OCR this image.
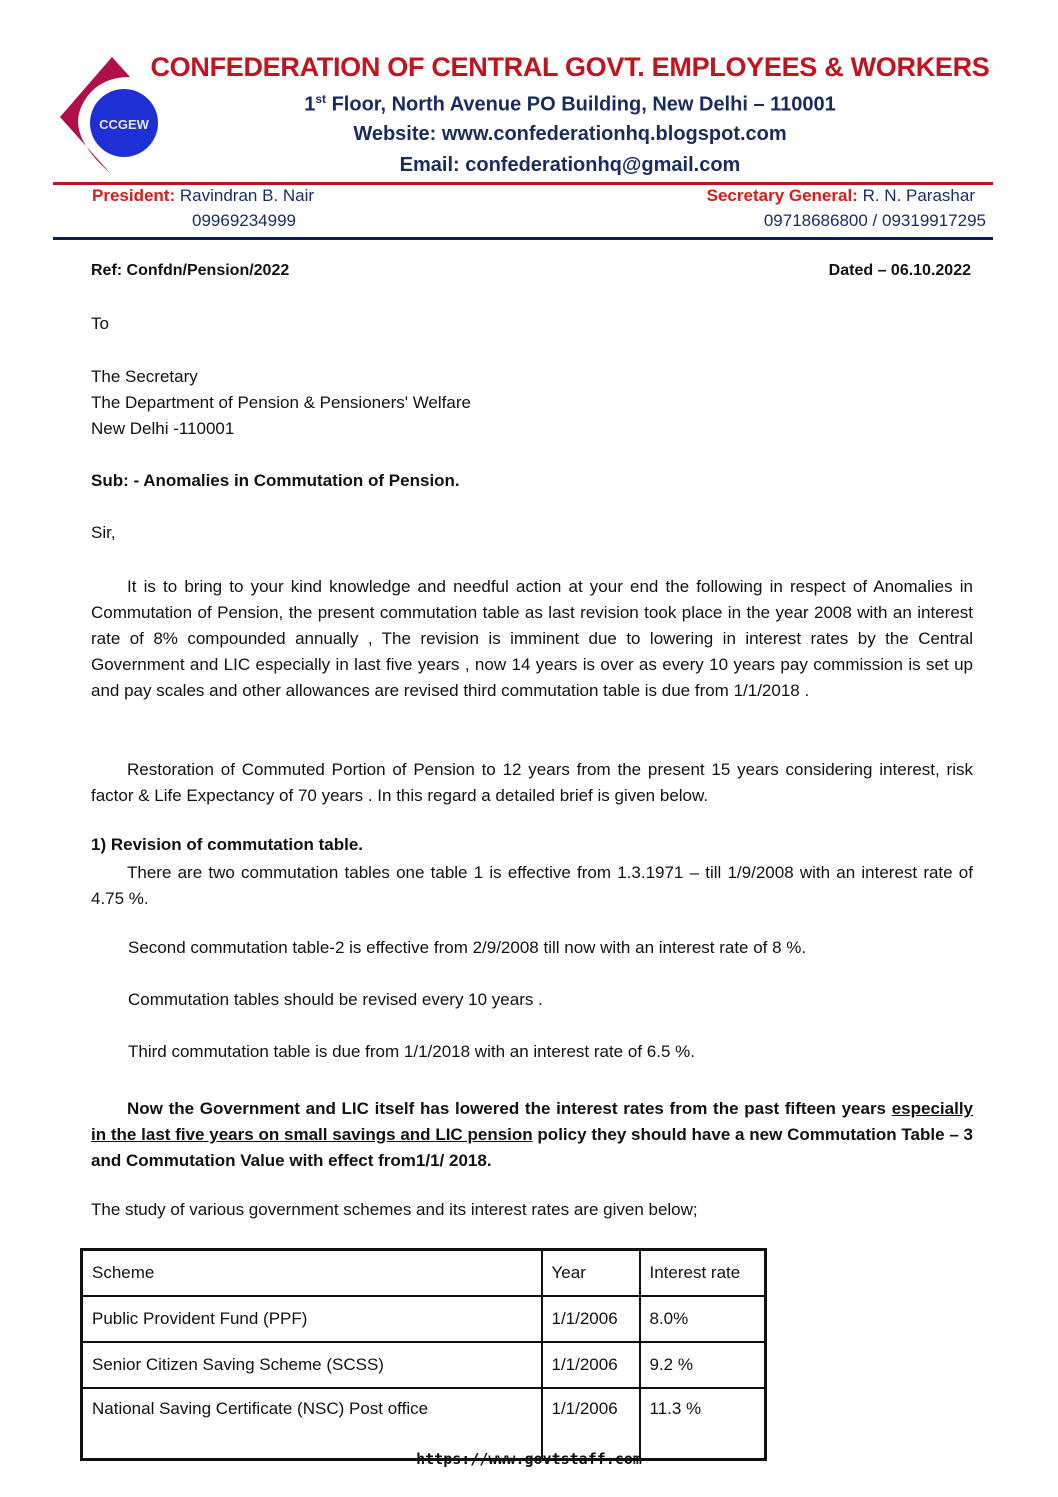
CCGEW
CONFEDERATION OF CENTRAL GOVT. EMPLOYEES & WORKERS
1st Floor, North Avenue PO Building, New Delhi – 110001
Website: www.confederationhq.blogspot.com
Email: confederationhq@gmail.com
President: Ravindran B. Nair
09969234999
Secretary General: R. N. Parashar
09718686800 / 09319917295
Ref: Confdn/Pension/2022	Dated – 06.10.2022
To
The Secretary
The Department of Pension & Pensioners' Welfare
New Delhi -110001
Sub: - Anomalies in Commutation of Pension.
Sir,
It is to bring to your kind knowledge and needful action at your end the following in respect of Anomalies in Commutation of Pension, the present commutation table as last revision took place in the year 2008 with an interest rate of 8% compounded annually , The revision is imminent due to lowering in interest rates by the Central Government and LIC especially in last five years , now 14 years is over as every 10 years pay commission is set up and pay scales and other allowances are revised third commutation table is due from 1/1/2018 .
Restoration of Commuted Portion of Pension to 12 years from the present 15 years considering interest, risk factor & Life Expectancy of 70 years . In this regard a detailed brief is given below.
1) Revision of commutation table.
There are two commutation tables one table 1 is effective from 1.3.1971 – till 1/9/2008 with an interest rate of 4.75 %.
Second commutation table-2 is effective from 2/9/2008 till now with an interest rate of 8 %.
Commutation tables should be revised every 10 years .
Third commutation table is due from 1/1/2018 with an interest rate of 6.5 %.
Now the Government and LIC itself has lowered the interest rates from the past fifteen years especially in the last five years on small savings and LIC pension policy they should have a new Commutation Table – 3 and Commutation Value with effect from1/1/ 2018.
The study of various government schemes and its interest rates are given below;
Scheme	Year	Interest rate
Public Provident Fund (PPF)	1/1/2006	8.0%
Senior Citizen Saving Scheme (SCSS)	1/1/2006	9.2 %
National Saving Certificate (NSC) Post office	1/1/2006	11.3 %
https://www.govtstaff.com
